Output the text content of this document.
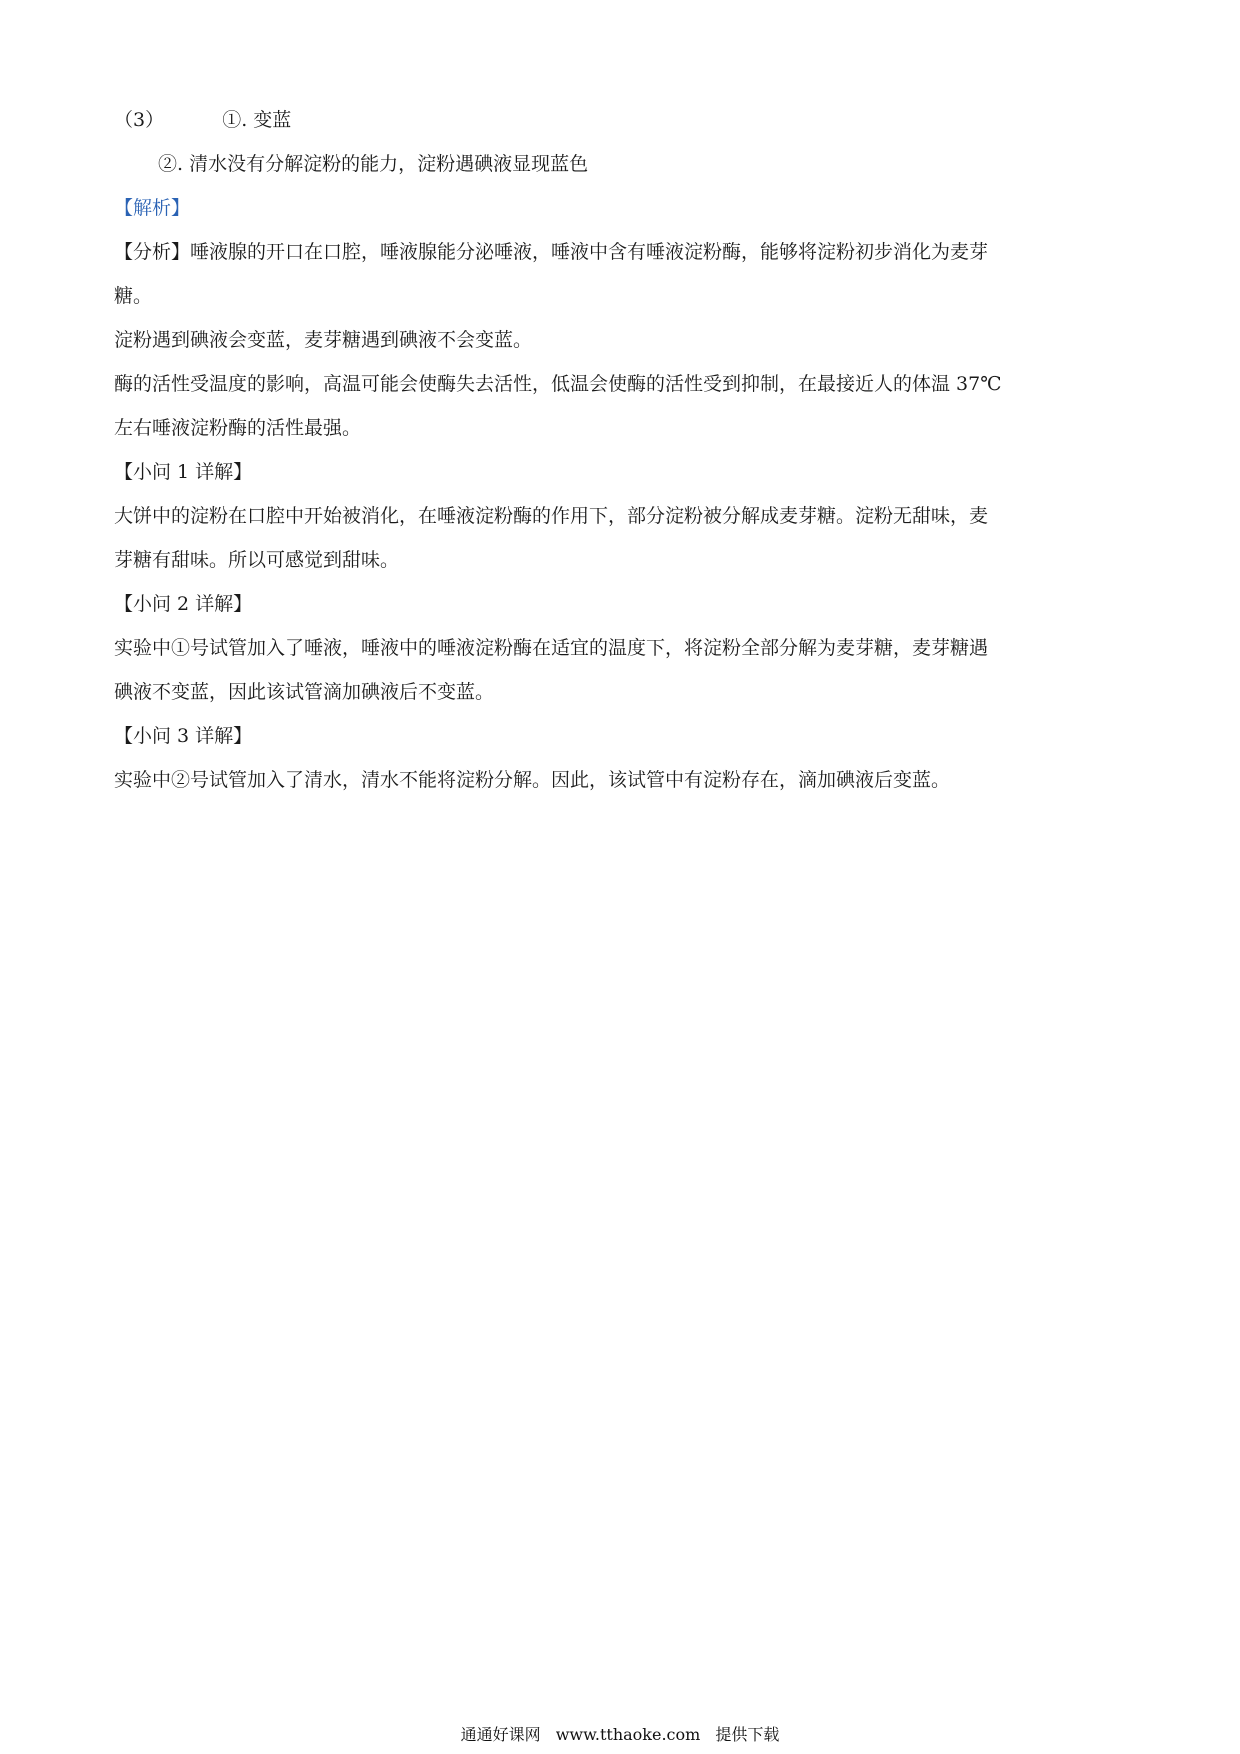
（3）	①. 变蓝
②. 清水没有分解淀粉的能力，淀粉遇碘液显现蓝色
【解析】
【分析】唾液腺的开口在口腔，唾液腺能分泌唾液，唾液中含有唾液淀粉酶，能够将淀粉初步消化为麦芽
糖。
淀粉遇到碘液会变蓝，麦芽糖遇到碘液不会变蓝。
酶的活性受温度的影响，高温可能会使酶失去活性，低温会使酶的活性受到抑制，在最接近人的体温 37℃
左右唾液淀粉酶的活性最强。
【小问 1 详解】
大饼中的淀粉在口腔中开始被消化，在唾液淀粉酶的作用下，部分淀粉被分解成麦芽糖。淀粉无甜味，麦
芽糖有甜味。所以可感觉到甜味。
【小问 2 详解】
实验中①号试管加入了唾液，唾液中的唾液淀粉酶在适宜的温度下，将淀粉全部分解为麦芽糖，麦芽糖遇
碘液不变蓝，因此该试管滴加碘液后不变蓝。
【小问 3 详解】
实验中②号试管加入了清水，清水不能将淀粉分解。因此，该试管中有淀粉存在，滴加碘液后变蓝。
通通好课网 www.tthaoke.com 提供下载
